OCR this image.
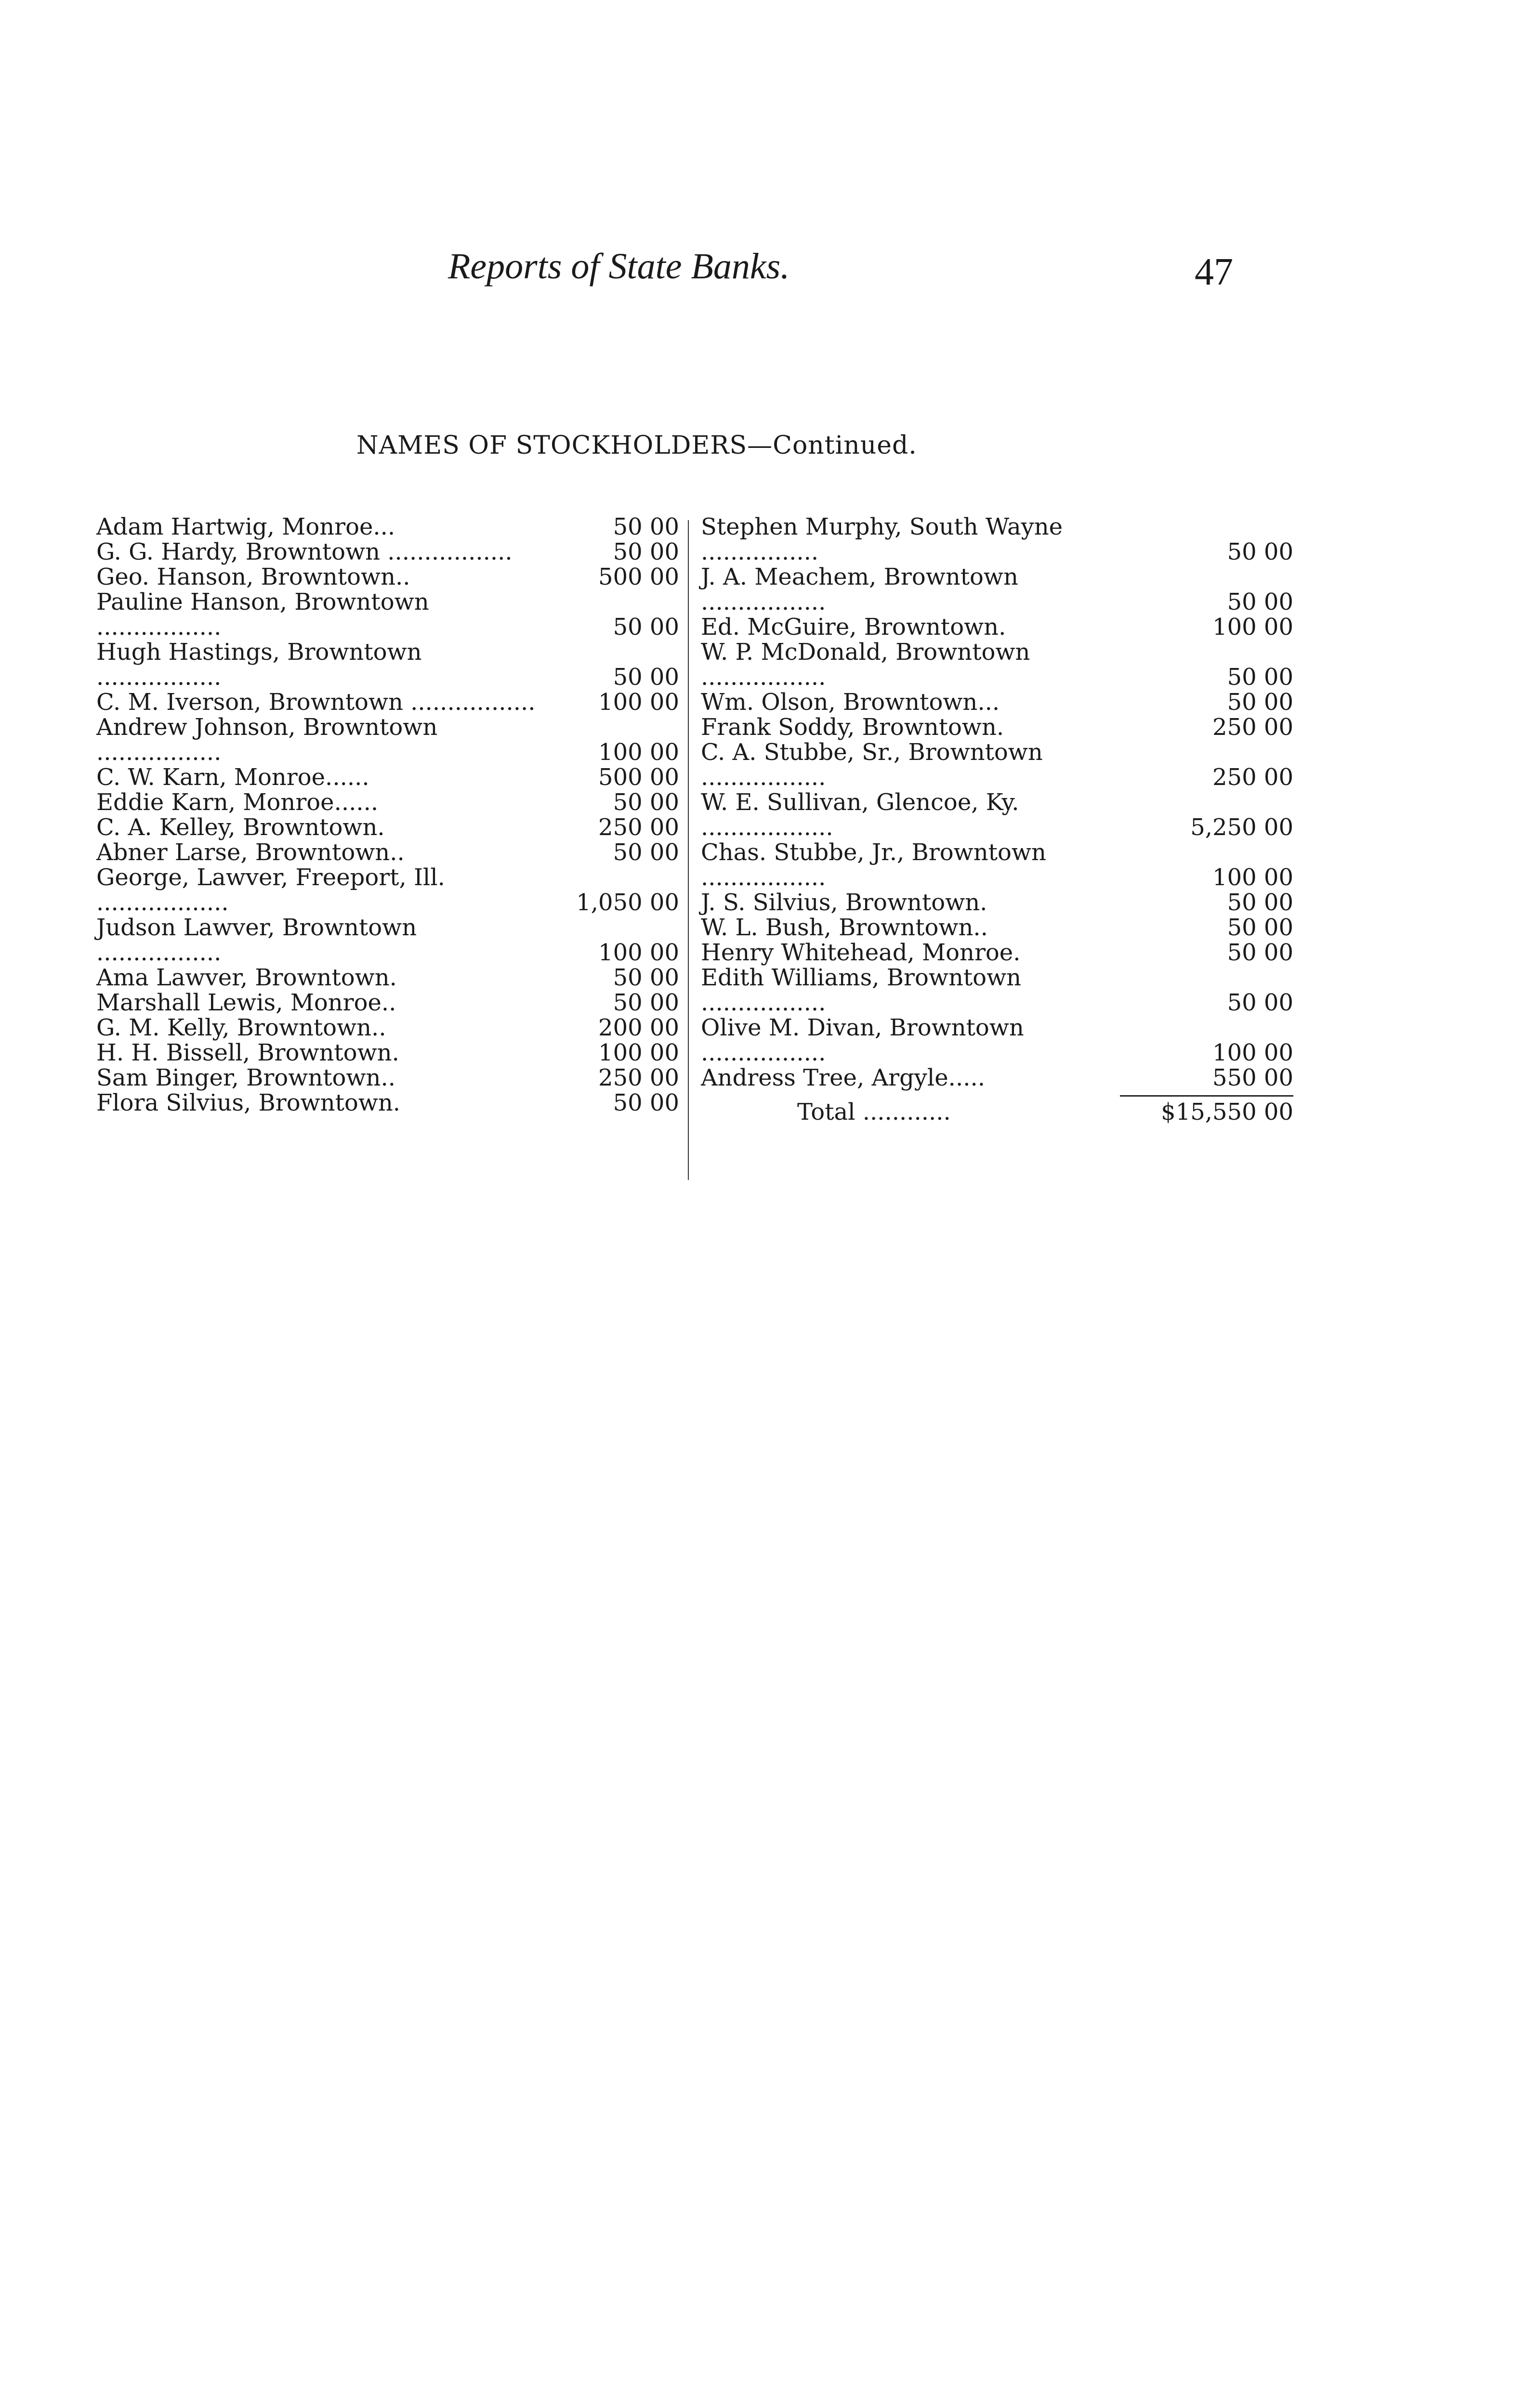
Reports of State Banks.	47
NAMES OF STOCKHOLDERS—Continued.
Adam Hartwig, Monroe...	50 00
G. G. Hardy, Browntown .................	50 00
Geo. Hanson, Browntown..	500 00
Pauline Hanson, Browntown .................	50 00
Hugh Hastings, Browntown .................	50 00
C. M. Iverson, Browntown .................	100 00
Andrew Johnson, Browntown .................	100 00
C. W. Karn, Monroe......	500 00
Eddie Karn, Monroe......	50 00
C. A. Kelley, Browntown.	250 00
Abner Larse, Browntown..	50 00
George, Lawver, Freeport, Ill. ..................	1,050 00
Judson Lawver, Browntown .................	100 00
Ama Lawver, Browntown.	50 00
Marshall Lewis, Monroe..	50 00
G. M. Kelly, Browntown..	200 00
H. H. Bissell, Browntown.	100 00
Sam Binger, Browntown..	250 00
Flora Silvius, Browntown.	50 00
Stephen Murphy, South Wayne ................	50 00
J. A. Meachem, Browntown .................	50 00
Ed. McGuire, Browntown.	100 00
W. P. McDonald, Browntown .................	50 00
Wm. Olson, Browntown...	50 00
Frank Soddy, Browntown.	250 00
C. A. Stubbe, Sr., Browntown .................	250 00
W. E. Sullivan, Glencoe, Ky. ..................	5,250 00
Chas. Stubbe, Jr., Browntown .................	100 00
J. S. Silvius, Browntown.	50 00
W. L. Bush, Browntown..	50 00
Henry Whitehead, Monroe.	50 00
Edith Williams, Browntown .................	50 00
Olive M. Divan, Browntown .................	100 00
Andress Tree, Argyle.....	550 00
Total ............	$15,550 00
